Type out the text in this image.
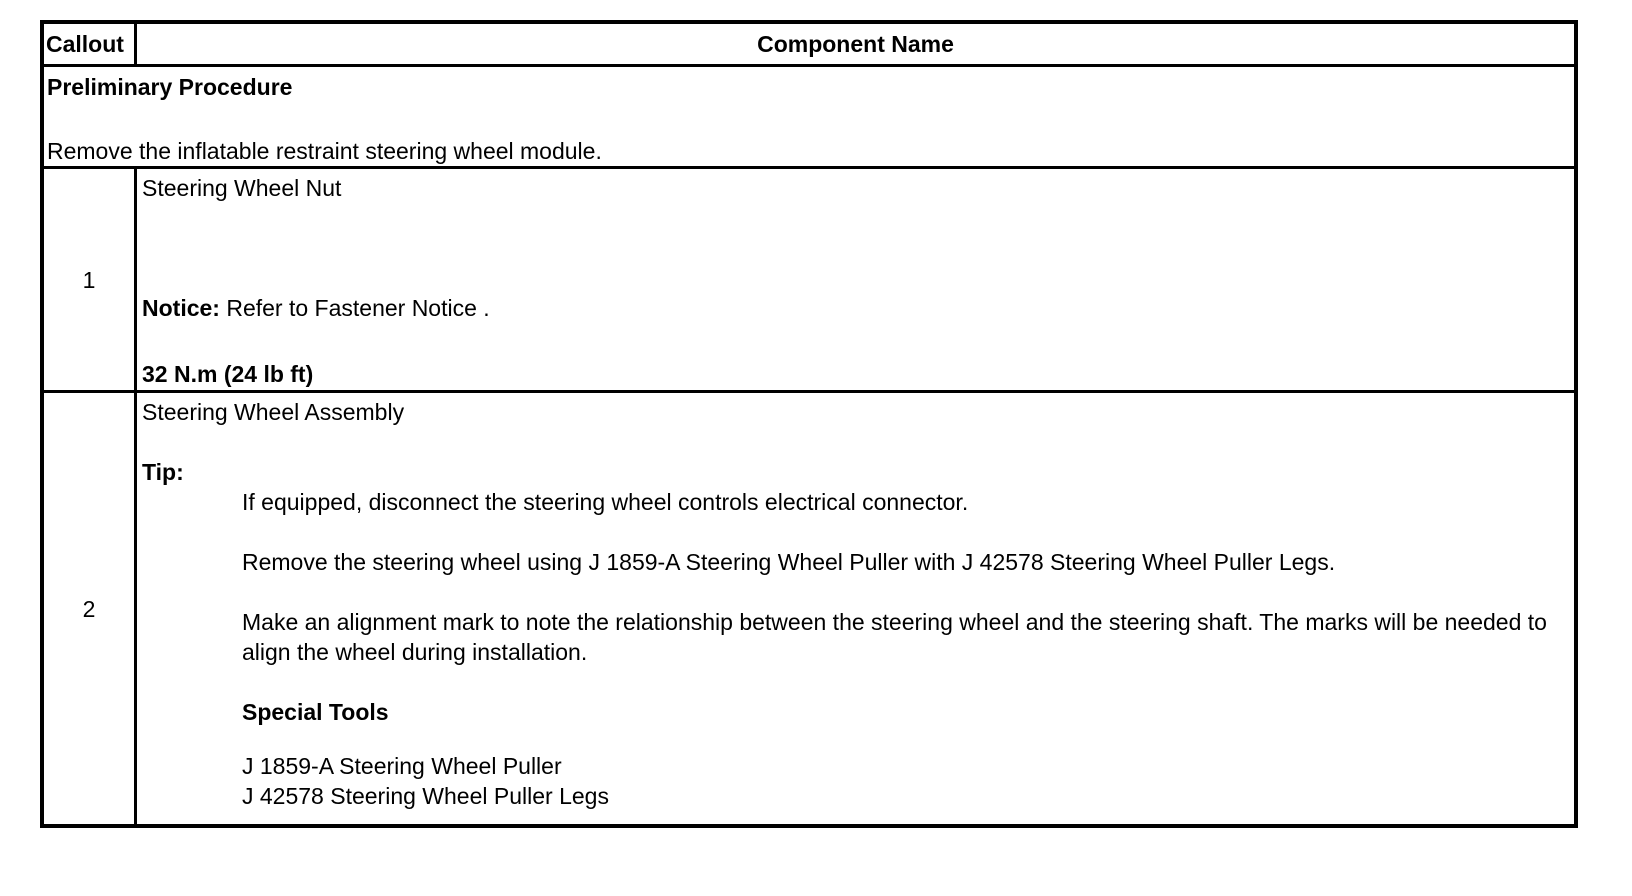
Callout	Component Name
Preliminary Procedure
Remove the inflatable restraint steering wheel module.
1
Steering Wheel Nut
Notice: Refer to Fastener Notice .
32 N.m (24 lb ft)
2
Steering Wheel Assembly
Tip:
If equipped, disconnect the steering wheel controls electrical connector.
Remove the steering wheel using J 1859-A Steering Wheel Puller with J 42578 Steering Wheel Puller Legs.
Make an alignment mark to note the relationship between the steering wheel and the steering shaft. The marks will be needed to align the wheel during installation.
Special Tools
J 1859-A Steering Wheel Puller
J 42578 Steering Wheel Puller Legs
